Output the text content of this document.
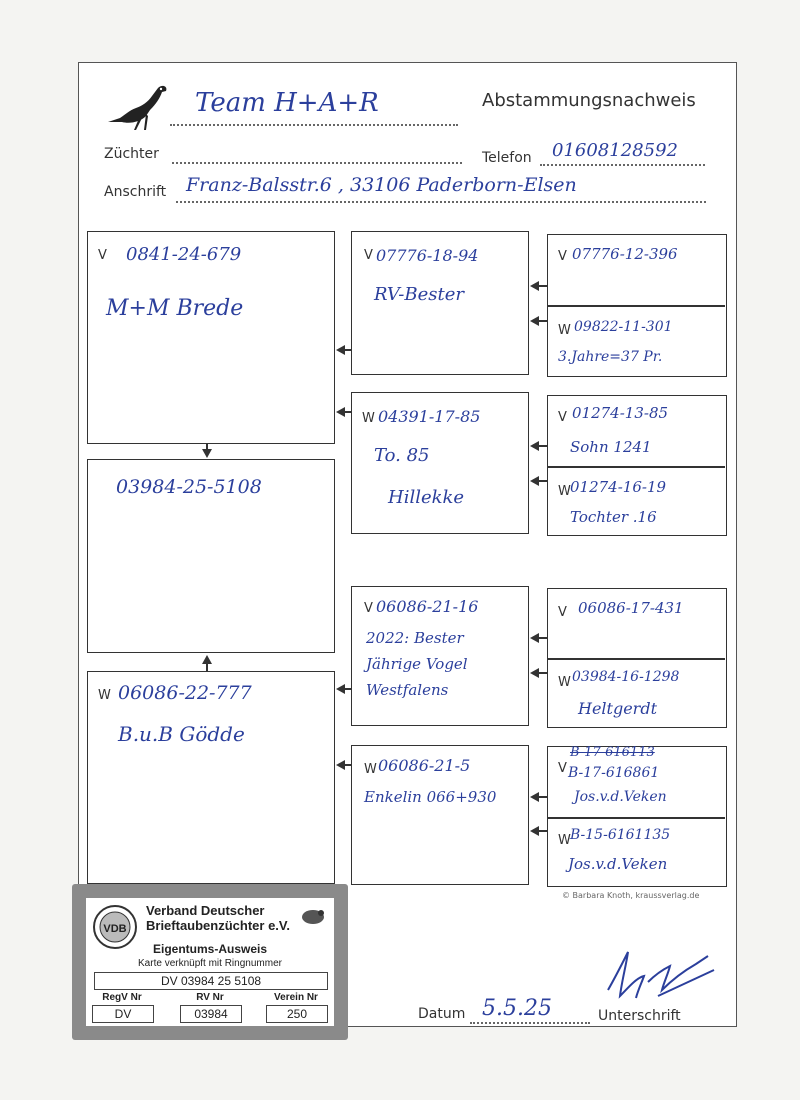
Team H+A+R	Abstammungsnachweis
Züchter	Telefon 01608128592
Anschrift Franz-Balsstr.6 , 33106 Paderborn-Elsen
V 0841-24-679
M+M Brede
03984-25-5108
W 06086-22-777
B.u.B Gödde
V 07776-18-94
RV-Bester
W 04391-17-85
To. 85
Hillekke
V 06086-21-16
2022: Bester
Jährige Vogel
Westfalens
W 06086-21-5
Enkelin 066+930
V 07776-12-396
W 09822-11-301
3.Jahre=37 Pr.
V 01274-13-85
Sohn 1241
W 01274-16-19
Tochter .16
V 06086-17-431
W 03984-16-1298
Heltgerdt
V
B-17-616113
B-17-616861
Jos.v.d.Veken
W B-15-6161135
Jos.v.d.Veken
© Barbara Knoth, kraussverlag.de
Datum 5.5.25	Unterschrift
VDB
Verband Deutscher
Brieftaubenzüchter e.V.
Eigentums-Ausweis
Karte verknüpft mit Ringnummer
DV 03984 25 5108
RegV Nr
DV
RV Nr
03984
Verein Nr
250
